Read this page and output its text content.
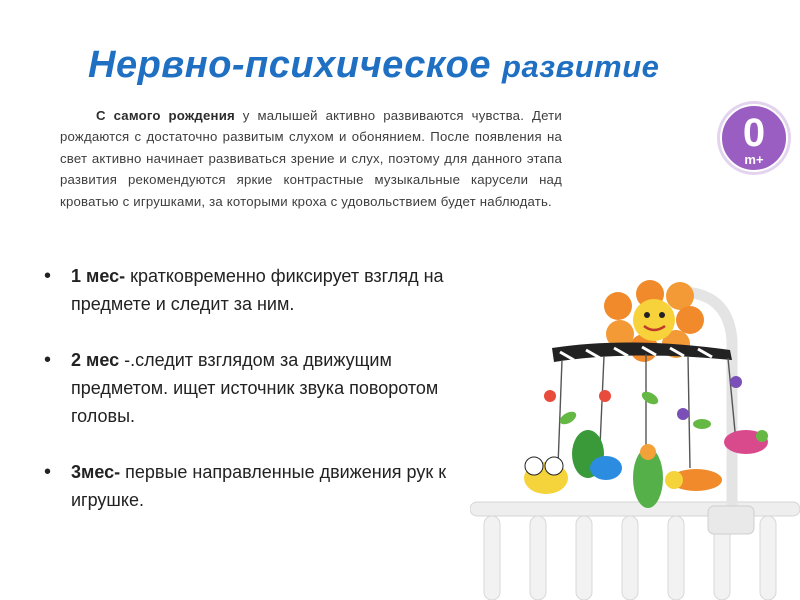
Нервно-психическое развитие
С самого рождения у малышей активно развиваются чувства. Дети рождаются с достаточно развитым слухом и обонянием. После появления на свет активно начинает развиваться зрение и слух, поэтому для данного этапа развития рекомендуются яркие контрастные музыкальные карусели над кроватью с игрушками, за которыми кроха с удовольствием будет наблюдать.
0
m+
• 1 мес- кратковременно фиксирует взгляд на предмете и следит за ним.
• 2 мес -.следит взглядом за движущим предметом. ищет источник звука поворотом головы.
• 3мес- первые направленные движения рук к игрушке.
